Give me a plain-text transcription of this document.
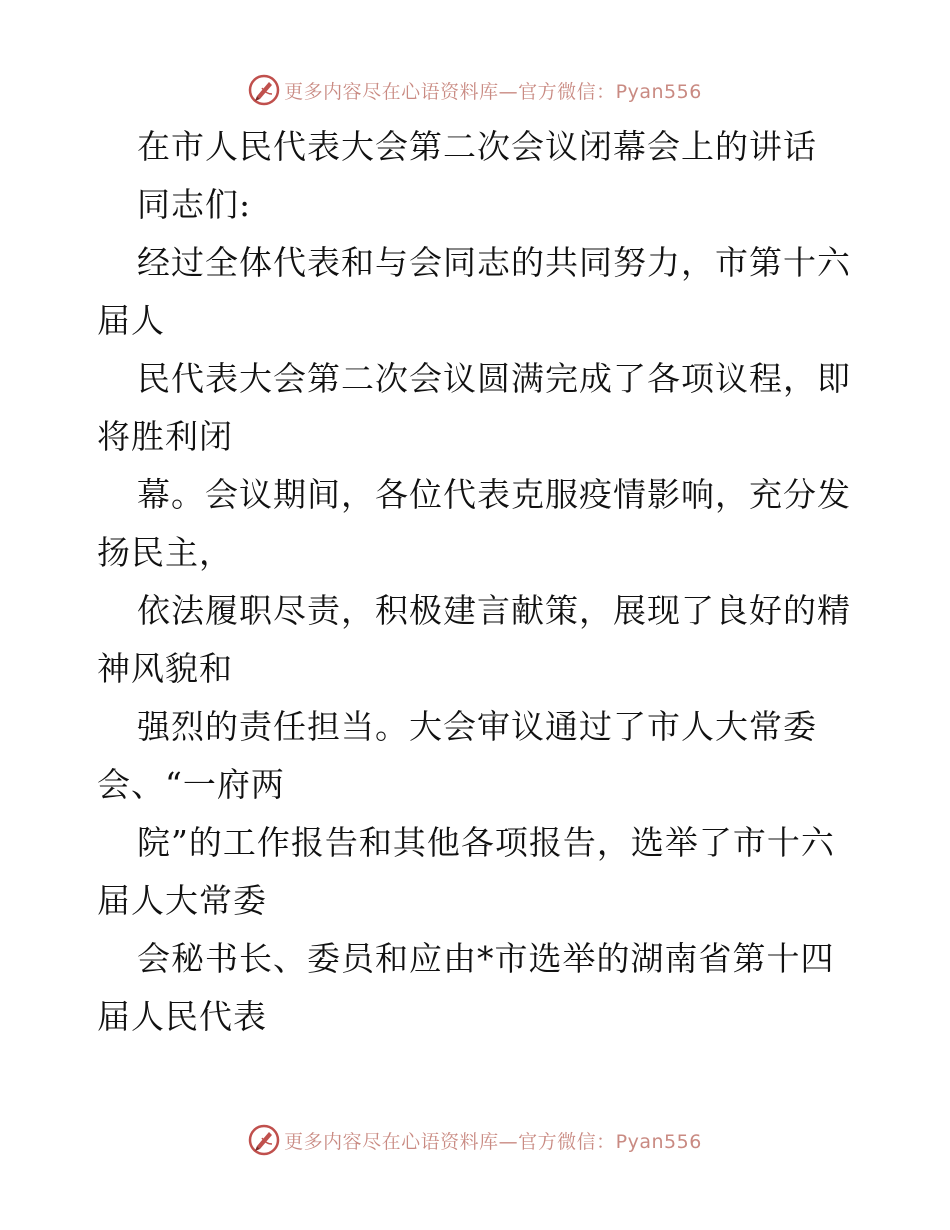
更多内容尽在心语资料库—官方微信：Pyan556
在市人民代表大会第二次会议闭幕会上的讲话
同志们:
经过全体代表和与会同志的共同努力，市第十六
届人
民代表大会第二次会议圆满完成了各项议程，即
将胜利闭
幕。会议期间，各位代表克服疫情影响，充分发
扬民主，
依法履职尽责，积极建言献策，展现了良好的精
神风貌和
强烈的责任担当。大会审议通过了市人大常委
会、“一府两
院”的工作报告和其他各项报告，选举了市十六
届人大常委
会秘书长、委员和应由*市选举的湖南省第十四
届人民代表
更多内容尽在心语资料库—官方微信：Pyan556
